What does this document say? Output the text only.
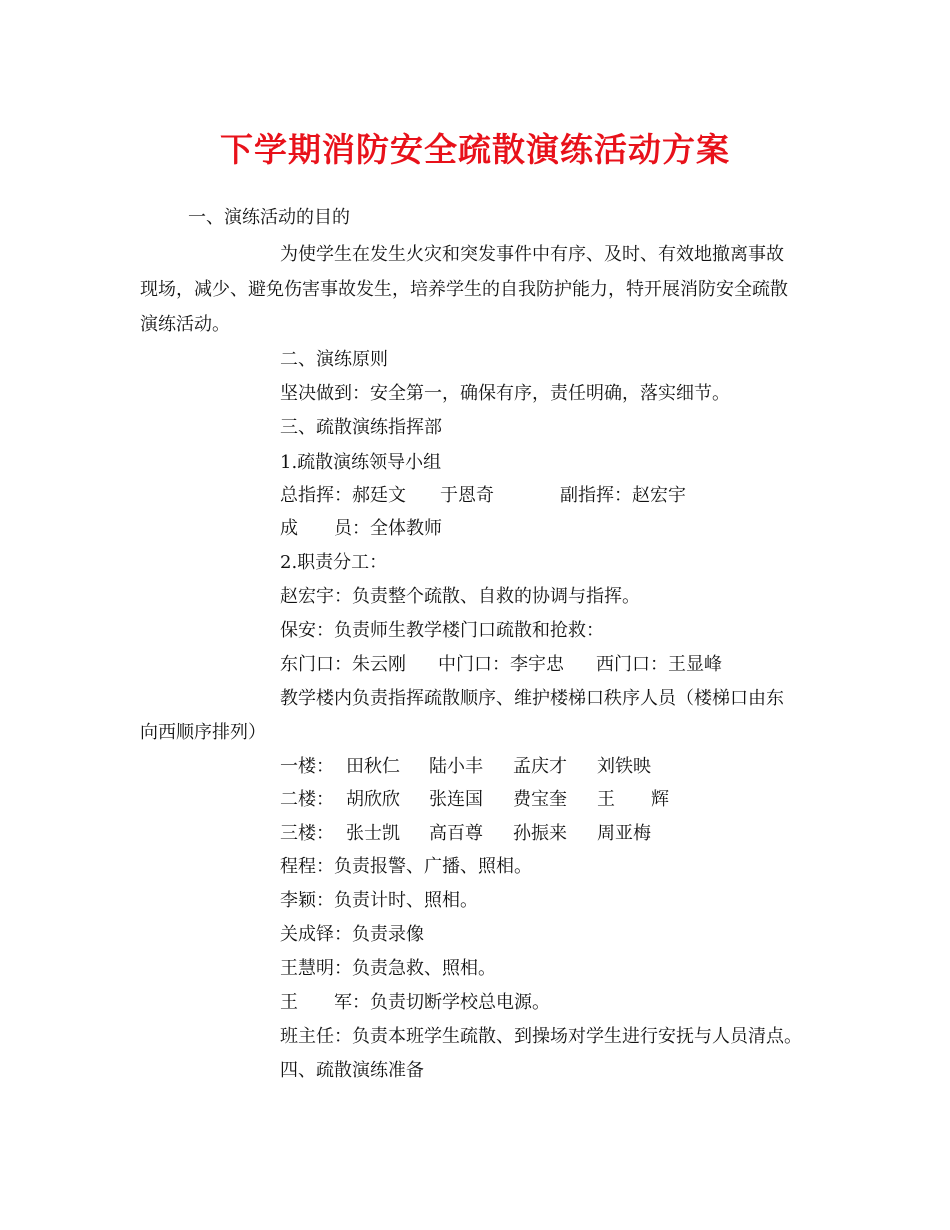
下学期消防安全疏散演练活动方案
一、演练活动的目的
为使学生在发生火灾和突发事件中有序、及时、有效地撤离事故
现场，减少、避免伤害事故发生，培养学生的自我防护能力，特开展消防安全疏散
演练活动。
二、演练原则
坚决做到：安全第一，确保有序，责任明确，落实细节。
三、疏散演练指挥部
1.疏散演练领导小组
总指挥：郝廷文 于恩奇	副指挥：赵宏宇
成　　员：全体教师
2.职责分工：
赵宏宇：负责整个疏散、自救的协调与指挥。
保安：负责师生教学楼门口疏散和抢救：
东门口：朱云刚 中门口：李宇忠 西门口：王显峰
教学楼内负责指挥疏散顺序、维护楼梯口秩序人员（楼梯口由东
向西顺序排列）
一楼： 田秋仁 陆小丰 孟庆才 刘铁映
二楼： 胡欣欣 张连国 费宝奎 王　　辉
三楼： 张士凯 高百尊 孙振来 周亚梅
程程：负责报警、广播、照相。
李颖：负责计时、照相。
关成铎：负责录像
王慧明：负责急救、照相。
王　　军：负责切断学校总电源。
班主任：负责本班学生疏散、到操场对学生进行安抚与人员清点。
四、疏散演练准备
